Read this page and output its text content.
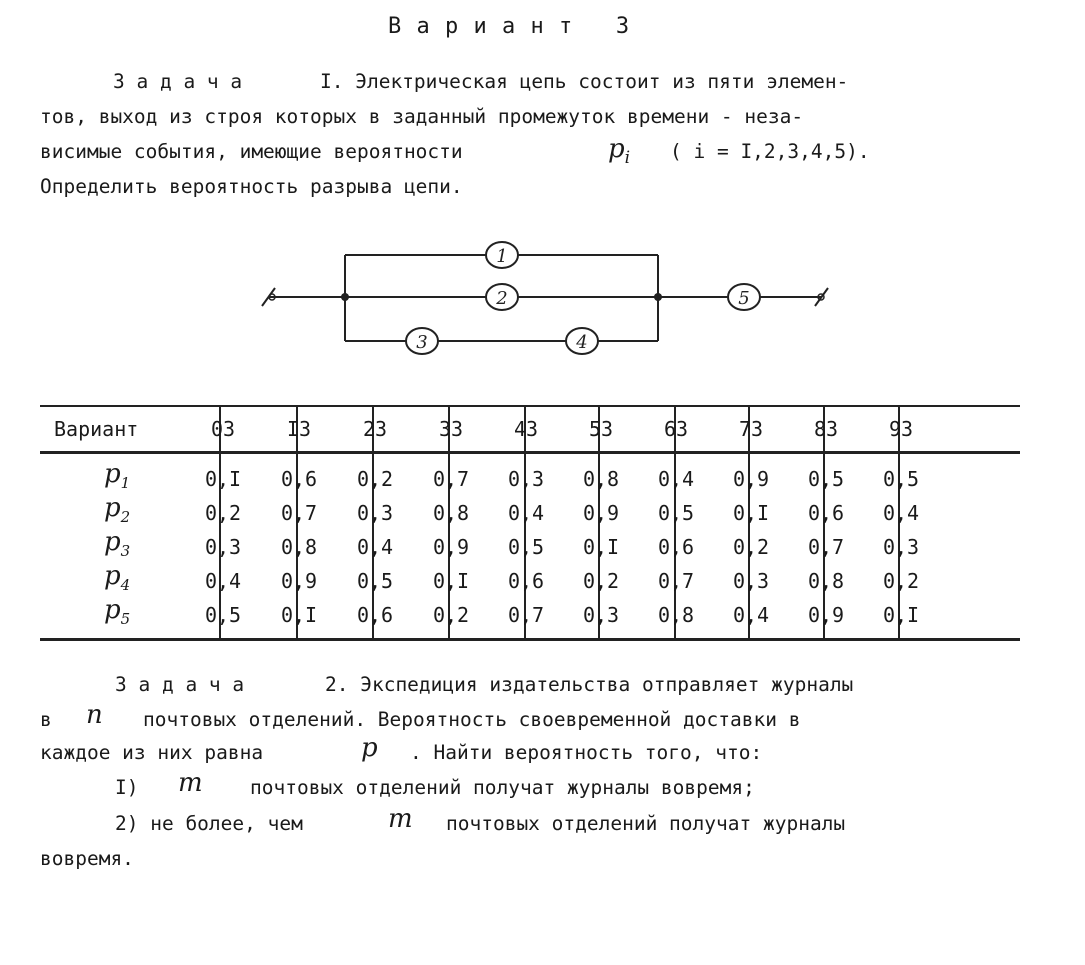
В а р и а н т   3
З а д а ч а	I. Электрическая цепь состоит из пяти элемен-
тов, выход из строя которых в заданный промежуток времени - неза-
висимые события, имеющие вероятности	$p_i$ ( i = I,2,3,4,5).
Определить вероятность разрыва цепи.
1
2
3	4
5
Вариант	03	I3	23	33	43	53	63	73	83	93
$p_1$	0,I	0,6	0,2	0,7	0,3	0,8	0,4	0,9	0,5	0,5
$p_2$	0,2	0,7	0,3	0,8	0,4	0,9	0,5	0,I	0,6	0,4
$p_3$	0,3	0,8	0,4	0,9	0,5	0,I	0,6	0,2	0,7	0,3
$p_4$	0,4	0,9	0,5	0,I	0,6	0,2	0,7	0,3	0,8	0,2
$p_5$	0,5	0,I	0,6	0,2	0,7	0,3	0,8	0,4	0,9	0,I
З а д а ч а	2. Экспедиция издательства отправляет журналы
в n почтовых отделений. Вероятность своевременной доставки в
каждое из них равна	p . Найти вероятность того, что:
I) m почтовых отделений получат журналы вовремя;
2) не более, чем	m почтовых отделений получат журналы
вовремя.
